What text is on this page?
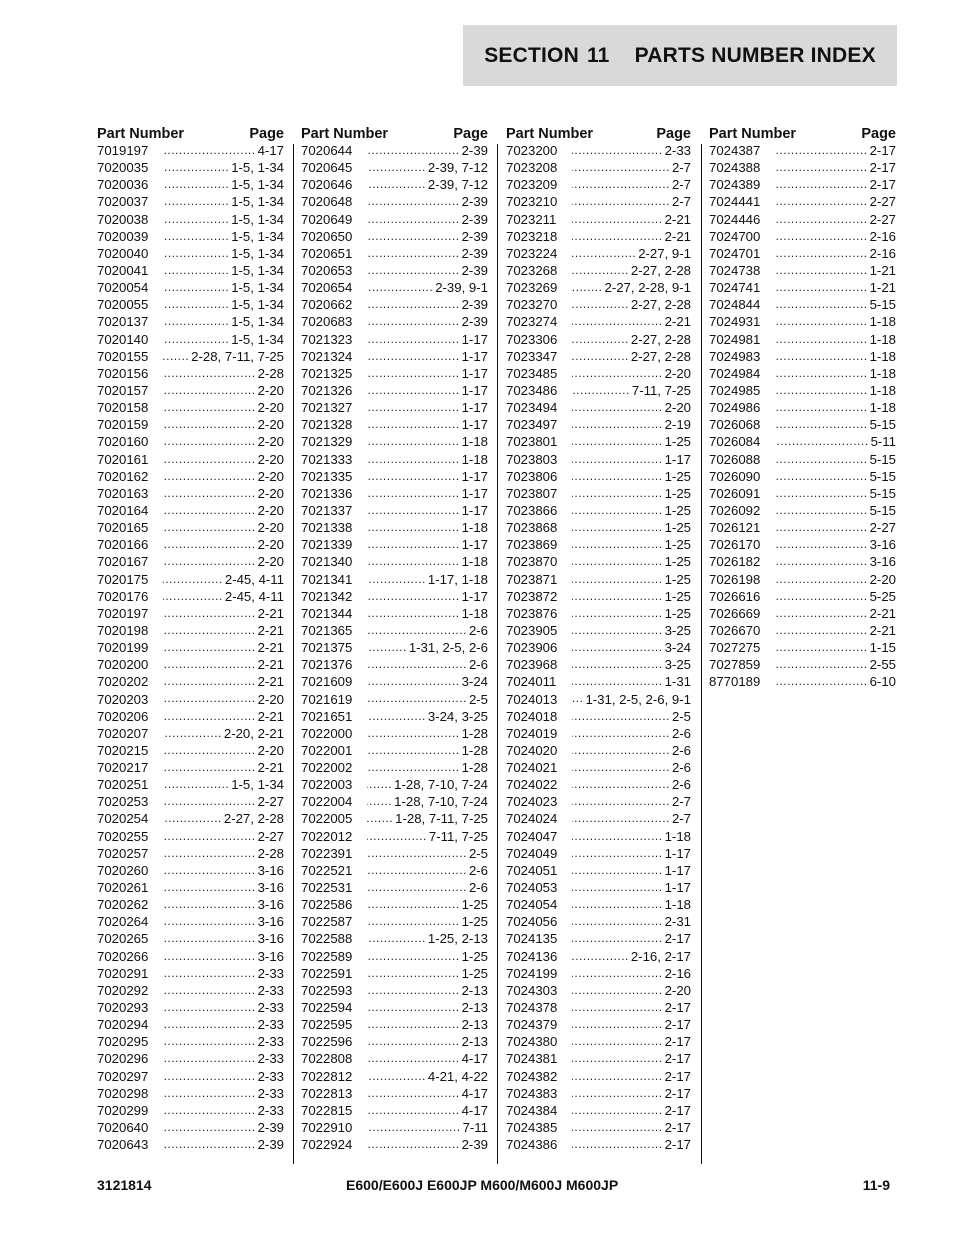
SECTION 11 PARTS NUMBER INDEX
Part Number	Page
7019197 .....	4-17
7020035 .....	1-5, 1-34
7020036 .....	1-5, 1-34
7020037 .....	1-5, 1-34
7020038 .....	1-5, 1-34
7020039 .....	1-5, 1-34
7020040 .....	1-5, 1-34
7020041 .....	1-5, 1-34
7020054 .....	1-5, 1-34
7020055 .....	1-5, 1-34
7020137 .....	1-5, 1-34
7020140 .....	1-5, 1-34
7020155 .....	2-28, 7-11, 7-25
7020156 .....	2-28
7020157 .....	2-20
7020158 .....	2-20
7020159 .....	2-20
7020160 .....	2-20
7020161 .....	2-20
7020162 .....	2-20
7020163 .....	2-20
7020164 .....	2-20
7020165 .....	2-20
7020166 .....	2-20
7020167 .....	2-20
7020175 .....	2-45, 4-11
7020176 .....	2-45, 4-11
7020197 .....	2-21
7020198 .....	2-21
7020199 .....	2-21
7020200 .....	2-21
7020202 .....	2-21
7020203 .....	2-20
7020206 .....	2-21
7020207 .....	2-20, 2-21
7020215 .....	2-20
7020217 .....	2-21
7020251 .....	1-5, 1-34
7020253 .....	2-27
7020254 .....	2-27, 2-28
7020255 .....	2-27
7020257 .....	2-28
7020260 .....	3-16
7020261 .....	3-16
7020262 .....	3-16
7020264 .....	3-16
7020265 .....	3-16
7020266 .....	3-16
7020291 .....	2-33
7020292 .....	2-33
7020293 .....	2-33
7020294 .....	2-33
7020295 .....	2-33
7020296 .....	2-33
7020297 .....	2-33
7020298 .....	2-33
7020299 .....	2-33
7020640 .....	2-39
7020643 .....	2-39
Part Number	Page
7020644 .....	2-39
7020645 .....	2-39, 7-12
7020646 .....	2-39, 7-12
7020648 .....	2-39
7020649 .....	2-39
7020650 .....	2-39
7020651 .....	2-39
7020653 .....	2-39
7020654 .....	2-39, 9-1
7020662 .....	2-39
7020683 .....	2-39
7021323 .....	1-17
7021324 .....	1-17
7021325 .....	1-17
7021326 .....	1-17
7021327 .....	1-17
7021328 .....	1-17
7021329 .....	1-18
7021333 .....	1-18
7021335 .....	1-17
7021336 .....	1-17
7021337 .....	1-17
7021338 .....	1-18
7021339 .....	1-17
7021340 .....	1-18
7021341 .....	1-17, 1-18
7021342 .....	1-17
7021344 .....	1-18
7021365 .....	2-6
7021375 .....	1-31, 2-5, 2-6
7021376 .....	2-6
7021609 .....	3-24
7021619 .....	2-5
7021651 .....	3-24, 3-25
7022000 .....	1-28
7022001 .....	1-28
7022002 .....	1-28
7022003 .....	1-28, 7-10, 7-24
7022004 .....	1-28, 7-10, 7-24
7022005 .....	1-28, 7-11, 7-25
7022012 .....	7-11, 7-25
7022391 .....	2-5
7022521 .....	2-6
7022531 .....	2-6
7022586 .....	1-25
7022587 .....	1-25
7022588 .....	1-25, 2-13
7022589 .....	1-25
7022591 .....	1-25
7022593 .....	2-13
7022594 .....	2-13
7022595 .....	2-13
7022596 .....	2-13
7022808 .....	4-17
7022812 .....	4-21, 4-22
7022813 .....	4-17
7022815 .....	4-17
7022910 .....	7-11
7022924 .....	2-39
Part Number	Page
7023200 .....	2-33
7023208 .....	2-7
7023209 .....	2-7
7023210 .....	2-7
7023211 .....	2-21
7023218 .....	2-21
7023224 .....	2-27, 9-1
7023268 .....	2-27, 2-28
7023269 .....	2-27, 2-28, 9-1
7023270 .....	2-27, 2-28
7023274 .....	2-21
7023306 .....	2-27, 2-28
7023347 .....	2-27, 2-28
7023485 .....	2-20
7023486 .....	7-11, 7-25
7023494 .....	2-20
7023497 .....	2-19
7023801 .....	1-25
7023803 .....	1-17
7023806 .....	1-25
7023807 .....	1-25
7023866 .....	1-25
7023868 .....	1-25
7023869 .....	1-25
7023870 .....	1-25
7023871 .....	1-25
7023872 .....	1-25
7023876 .....	1-25
7023905 .....	3-25
7023906 .....	3-24
7023968 .....	3-25
7024011 .....	1-31
7024013 .....	1-31, 2-5, 2-6, 9-1
7024018 .....	2-5
7024019 .....	2-6
7024020 .....	2-6
7024021 .....	2-6
7024022 .....	2-6
7024023 .....	2-7
7024024 .....	2-7
7024047 .....	1-18
7024049 .....	1-17
7024051 .....	1-17
7024053 .....	1-17
7024054 .....	1-18
7024056 .....	2-31
7024135 .....	2-17
7024136 .....	2-16, 2-17
7024199 .....	2-16
7024303 .....	2-20
7024378 .....	2-17
7024379 .....	2-17
7024380 .....	2-17
7024381 .....	2-17
7024382 .....	2-17
7024383 .....	2-17
7024384 .....	2-17
7024385 .....	2-17
7024386 .....	2-17
Part Number	Page
7024387 .....	2-17
7024388 .....	2-17
7024389 .....	2-17
7024441 .....	2-27
7024446 .....	2-27
7024700 .....	2-16
7024701 .....	2-16
7024738 .....	1-21
7024741 .....	1-21
7024844 .....	5-15
7024931 .....	1-18
7024981 .....	1-18
7024983 .....	1-18
7024984 .....	1-18
7024985 .....	1-18
7024986 .....	1-18
7026068 .....	5-15
7026084 .....	5-11
7026088 .....	5-15
7026090 .....	5-15
7026091 .....	5-15
7026092 .....	5-15
7026121 .....	2-27
7026170 .....	3-16
7026182 .....	3-16
7026198 .....	2-20
7026616 .....	5-25
7026669 .....	2-21
7026670 .....	2-21
7027275 .....	1-15
7027859 .....	2-55
8770189 .....	6-10
3121814	E600/E600J E600JP M600/M600J M600JP	11-9
